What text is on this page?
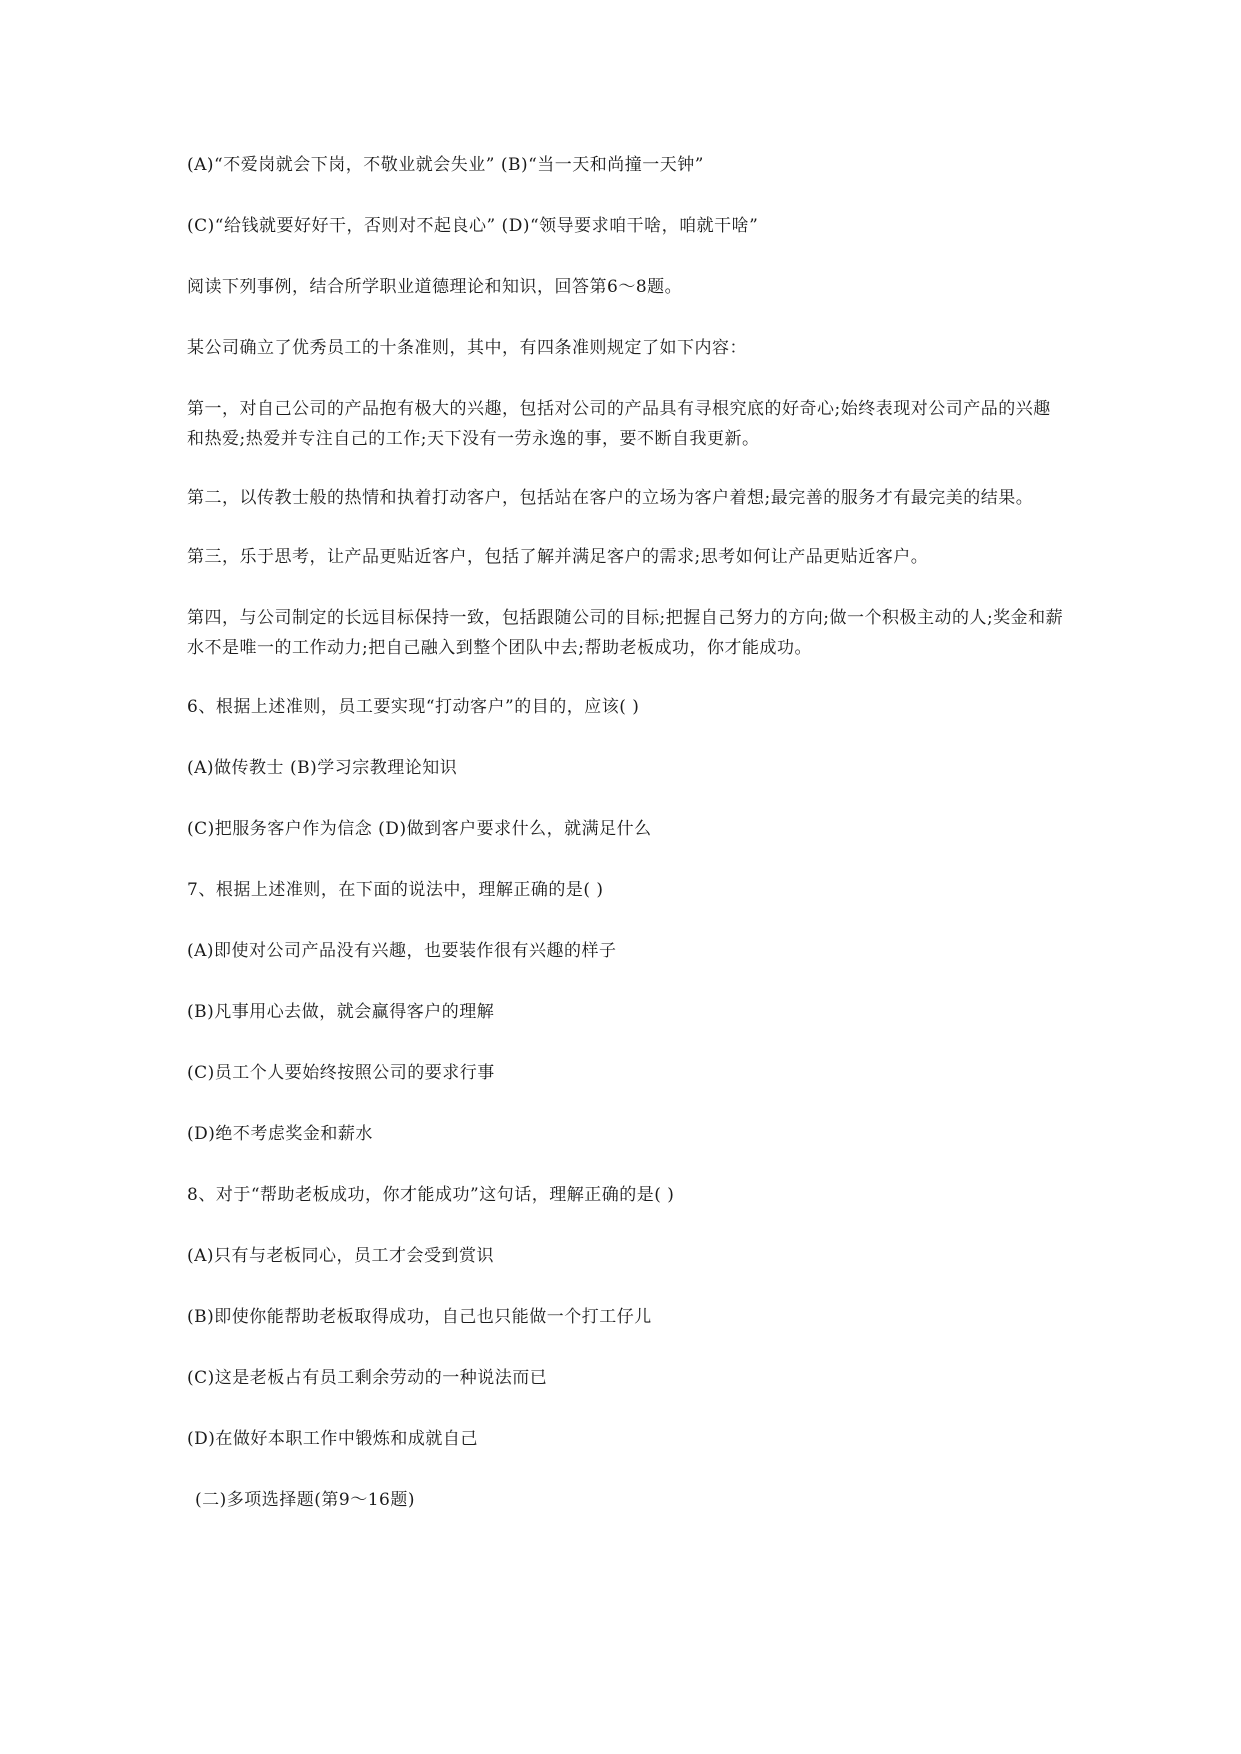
(A)“不爱岗就会下岗，不敬业就会失业” (B)“当一天和尚撞一天钟”

(C)“给钱就要好好干，否则对不起良心” (D)“领导要求咱干啥，咱就干啥”

阅读下列事例，结合所学职业道德理论和知识，回答第6～8题。

某公司确立了优秀员工的十条准则，其中，有四条准则规定了如下内容：

第一，对自己公司的产品抱有极大的兴趣，包括对公司的产品具有寻根究底的好奇心;始终表现对公司产品的兴趣和热爱;热爱并专注自己的工作;天下没有一劳永逸的事，要不断自我更新。

第二，以传教士般的热情和执着打动客户，包括站在客户的立场为客户着想;最完善的服务才有最完美的结果。

第三，乐于思考，让产品更贴近客户，包括了解并满足客户的需求;思考如何让产品更贴近客户。

第四，与公司制定的长远目标保持一致，包括跟随公司的目标;把握自己努力的方向;做一个积极主动的人;奖金和薪水不是唯一的工作动力;把自己融入到整个团队中去;帮助老板成功，你才能成功。

6、根据上述准则，员工要实现“打动客户”的目的，应该( )

(A)做传教士 (B)学习宗教理论知识

(C)把服务客户作为信念 (D)做到客户要求什么，就满足什么

7、根据上述准则，在下面的说法中，理解正确的是( )

(A)即使对公司产品没有兴趣，也要装作很有兴趣的样子

(B)凡事用心去做，就会赢得客户的理解

(C)员工个人要始终按照公司的要求行事

(D)绝不考虑奖金和薪水

8、对于“帮助老板成功，你才能成功”这句话，理解正确的是( )

(A)只有与老板同心，员工才会受到赏识

(B)即使你能帮助老板取得成功，自己也只能做一个打工仔儿

(C)这是老板占有员工剩余劳动的一种说法而已

(D)在做好本职工作中锻炼和成就自己

(二)多项选择题(第9～16题)
